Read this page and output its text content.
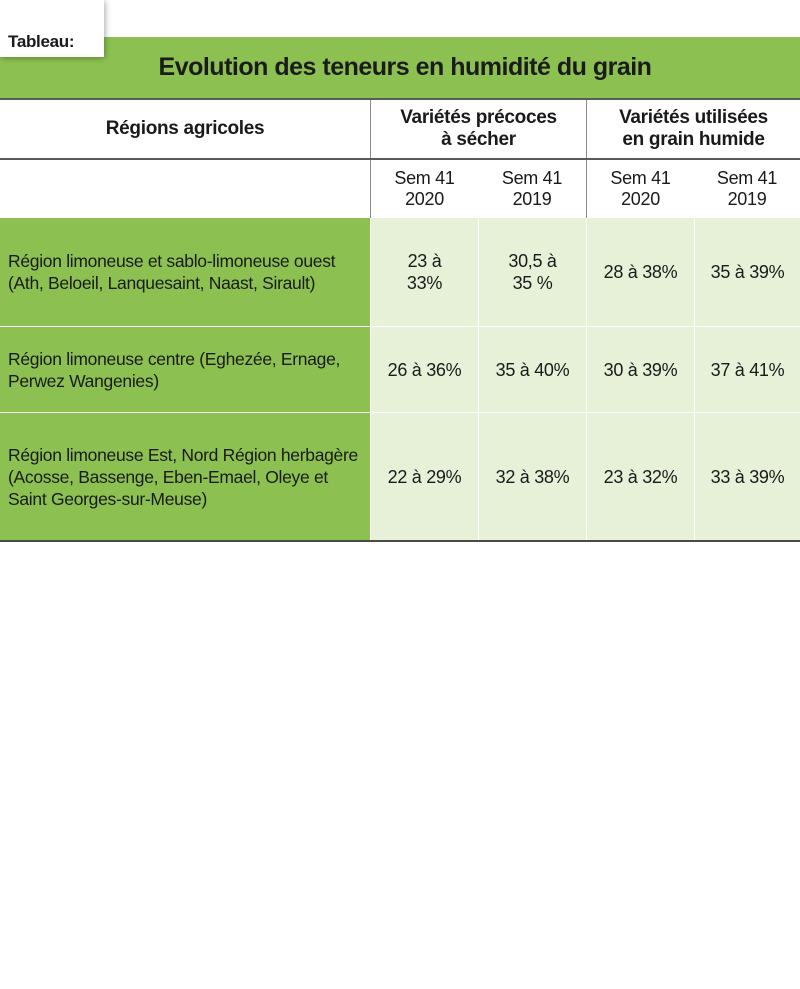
Tableau:
Evolution des teneurs en humidité du grain
Régions agricoles
Variétés précoces à sécher
Variétés utilisées en grain humide
Sem 41 2020
Sem 41 2019
Sem 41 2020
Sem 41 2019
Région limoneuse et sablo-limoneuse ouest (Ath, Beloeil, Lanquesaint, Naast, Sirault)
23 à 33%
30,5 à 35 %
28 à 38% 35 à 39%
Région limoneuse centre (Eghezée, Ernage, Perwez Wangenies)
26 à 36% 35 à 40% 30 à 39% 37 à 41%
Région limoneuse Est, Nord Région herbagère (Acosse, Bassenge, Eben-Emael, Oleye et Saint Georges-sur-Meuse)
22 à 29% 32 à 38% 23 à 32% 33 à 39%
